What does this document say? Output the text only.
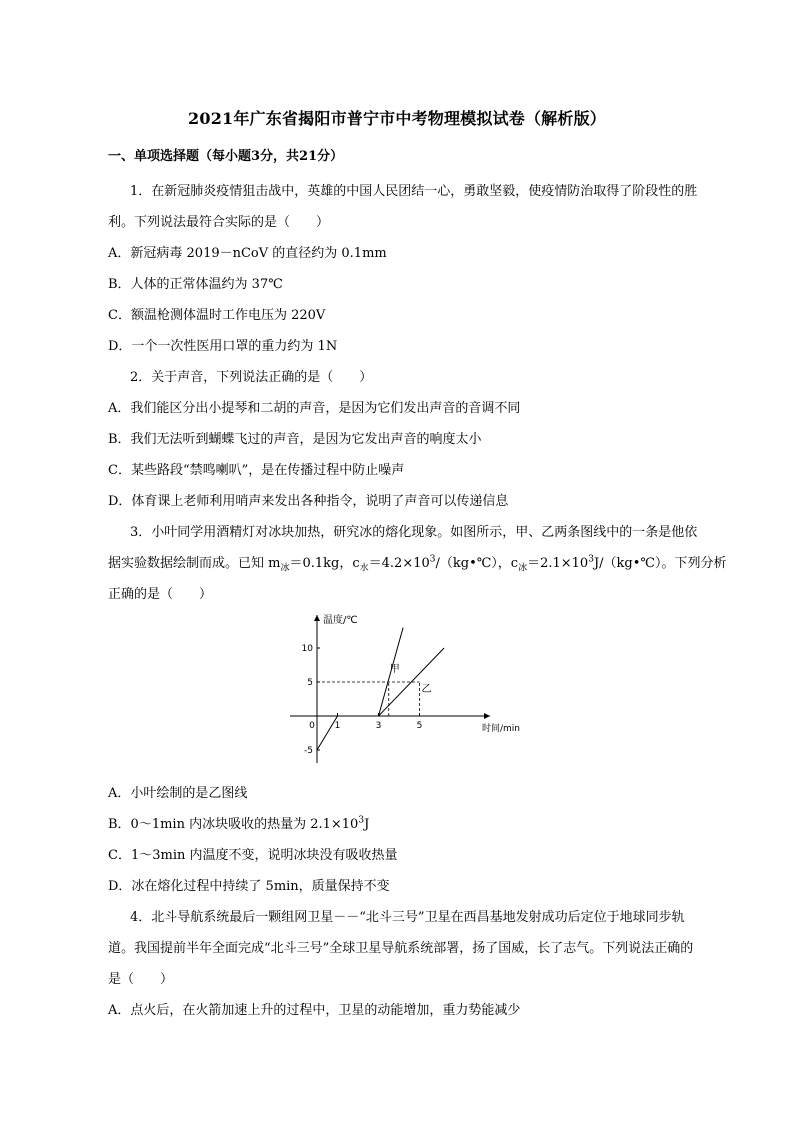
2021年广东省揭阳市普宁市中考物理模拟试卷（解析版）
一、单项选择题（每小题3分，共21分）
1．在新冠肺炎疫情狙击战中，英雄的中国人民团结一心，勇敢坚毅，使疫情防治取得了阶段性的胜
利。下列说法最符合实际的是（　　）
A．新冠病毒 2019－nCoV 的直径约为 0.1mm
B．人体的正常体温约为 37℃
C．额温枪测体温时工作电压为 220V
D．一个一次性医用口罩的重力约为 1N
2．关于声音，下列说法正确的是（　　）
A．我们能区分出小提琴和二胡的声音，是因为它们发出声音的音调不同
B．我们无法听到蝴蝶飞过的声音，是因为它发出声音的响度太小
C．某些路段“禁鸣喇叭”，是在传播过程中防止噪声
D．体育课上老师利用哨声来发出各种指令，说明了声音可以传递信息
3．小叶同学用酒精灯对冰块加热，研究冰的熔化现象。如图所示，甲、乙两条图线中的一条是他依
据实验数据绘制而成。已知 $m_冰=0.1kg$，$c_水=4.2\times 10^3/(kg•℃)$，$c_冰=2.1\times 10^3J/(kg•℃)$。下列分析
正确的是（　　）
温度/℃
时间/min
0 1	3	5
10
5
-5
甲
乙
A．小叶绘制的是乙图线
B．0～1min 内冰块吸收的热量为 $2.1\times 10^3J$
C．1～3min 内温度不变，说明冰块没有吸收热量
D．冰在熔化过程中持续了 5min，质量保持不变
4．北斗导航系统最后一颗组网卫星－－“北斗三号”卫星在西昌基地发射成功后定位于地球同步轨
道。我国提前半年全面完成“北斗三号”全球卫星导航系统部署，扬了国威，长了志气。下列说法正确的
是（　　）
A．点火后，在火箭加速上升的过程中，卫星的动能增加，重力势能减少
